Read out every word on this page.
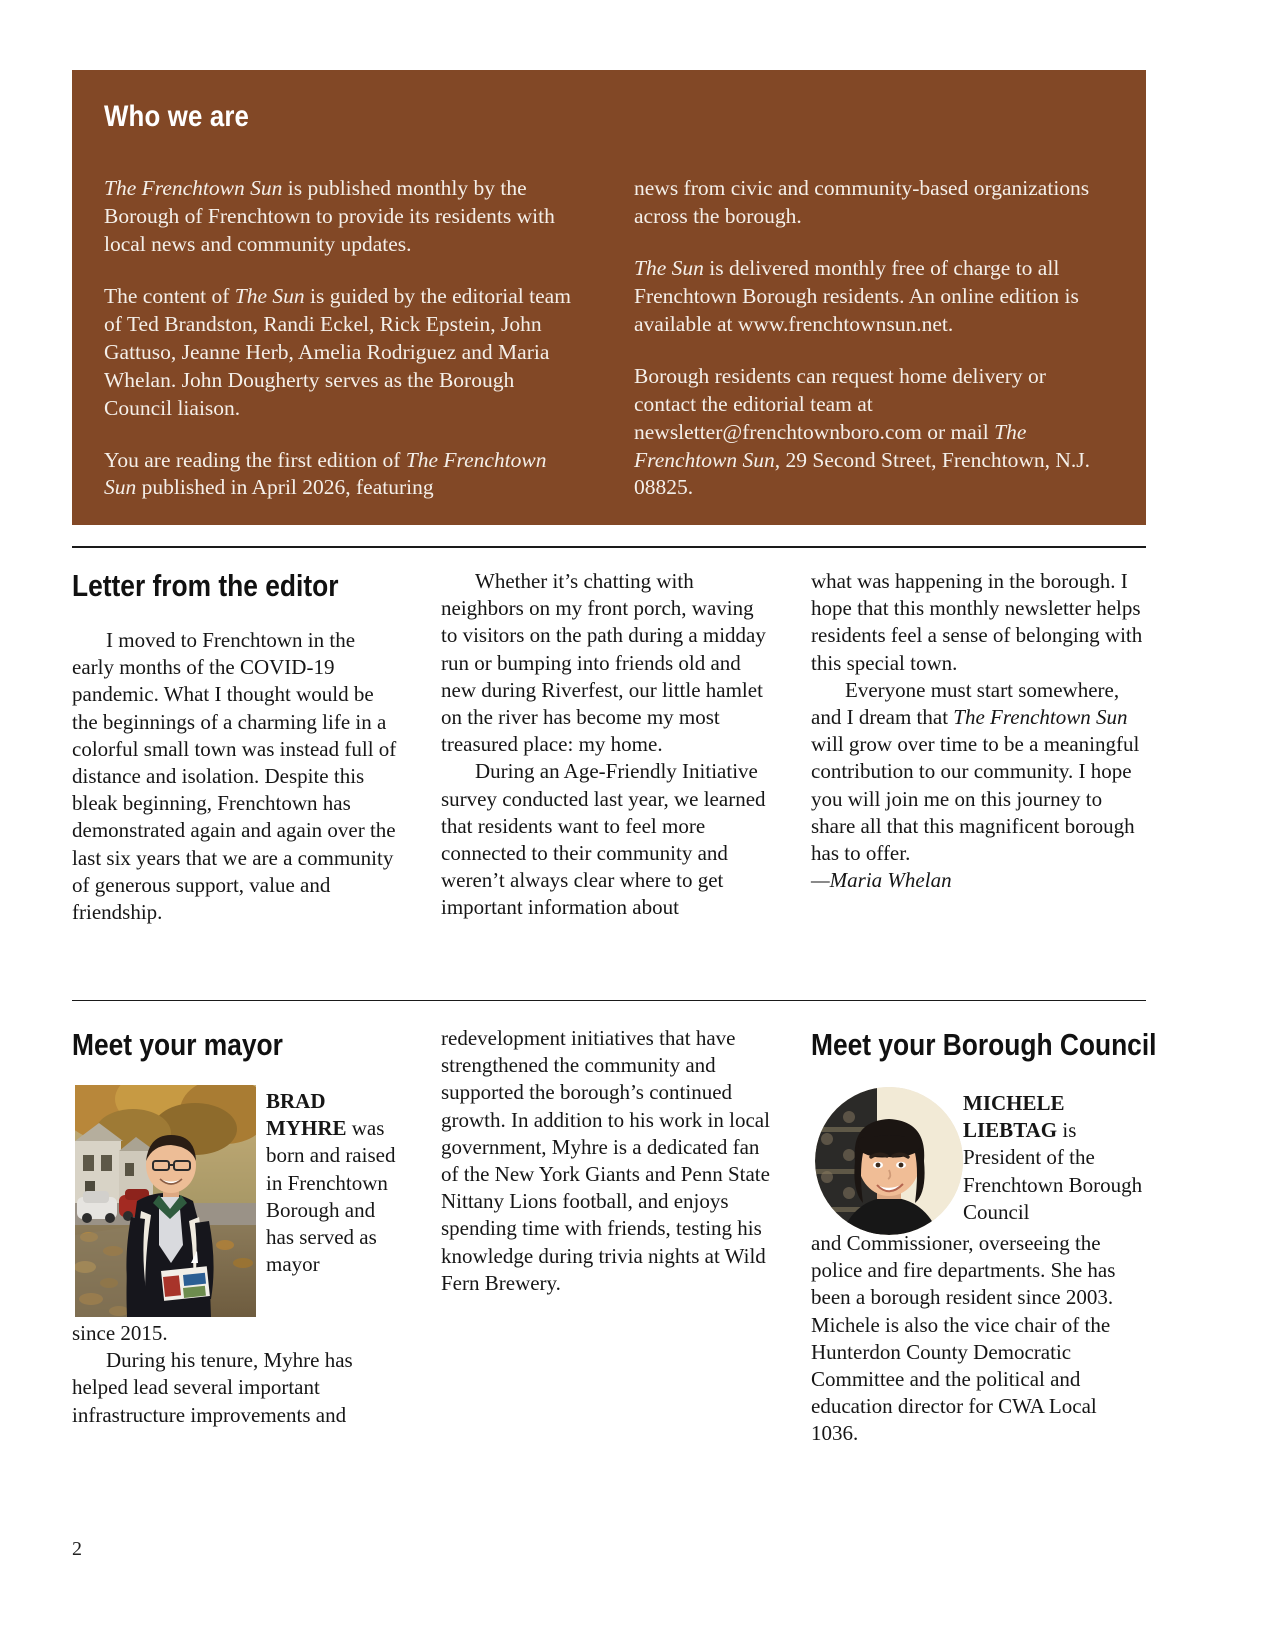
Who we are

The Frenchtown Sun is published monthly by the Borough of Frenchtown to provide its residents with local news and community updates.

The content of The Sun is guided by the editorial team of Ted Brandston, Randi Eckel, Rick Epstein, John Gattuso, Jeanne Herb, Amelia Rodriguez and Maria Whelan. John Dougherty serves as the Borough Council liaison.

You are reading the first edition of The Frenchtown Sun published in April 2026, featuring

news from civic and community-based organizations across the borough.

The Sun is delivered monthly free of charge to all Frenchtown Borough residents. An online edition is available at www.frenchtownsun.net.

Borough residents can request home delivery or contact the editorial team at newsletter@frenchtownboro.com or mail The Frenchtown Sun, 29 Second Street, Frenchtown, N.J. 08825.

Letter from the editor

I moved to Frenchtown in the early months of the COVID-19 pandemic. What I thought would be the beginnings of a charming life in a colorful small town was instead full of distance and isolation. Despite this bleak beginning, Frenchtown has demonstrated again and again over the last six years that we are a community of generous support, value and friendship.

Whether it’s chatting with neighbors on my front porch, waving to visitors on the path during a midday run or bumping into friends old and new during Riverfest, our little hamlet on the river has become my most treasured place: my home.

During an Age-Friendly Initiative survey conducted last year, we learned that residents want to feel more connected to their community and weren’t always clear where to get important information about

what was happening in the borough. I hope that this monthly newsletter helps residents feel a sense of belonging with this special town.

Everyone must start somewhere, and I dream that The Frenchtown Sun will grow over time to be a meaningful contribution to our community. I hope you will join me on this journey to share all that this magnificent borough has to offer.

—Maria Whelan

Meet your mayor

BRAD MYHRE was born and raised in Frenchtown Borough and has served as mayor

since 2015.

During his tenure, Myhre has helped lead several important infrastructure improvements and

redevelopment initiatives that have strengthened the community and supported the borough’s continued growth. In addition to his work in local government, Myhre is a dedicated fan of the New York Giants and Penn State Nittany Lions football, and enjoys spending time with friends, testing his knowledge during trivia nights at Wild Fern Brewery.

Meet your Borough Council

MICHELE LIEBTAG is President of the Frenchtown Borough Council

and Commissioner, overseeing the police and fire departments. She has been a borough resident since 2003. Michele is also the vice chair of the Hunterdon County Democratic Committee and the political and education director for CWA Local 1036.

2
